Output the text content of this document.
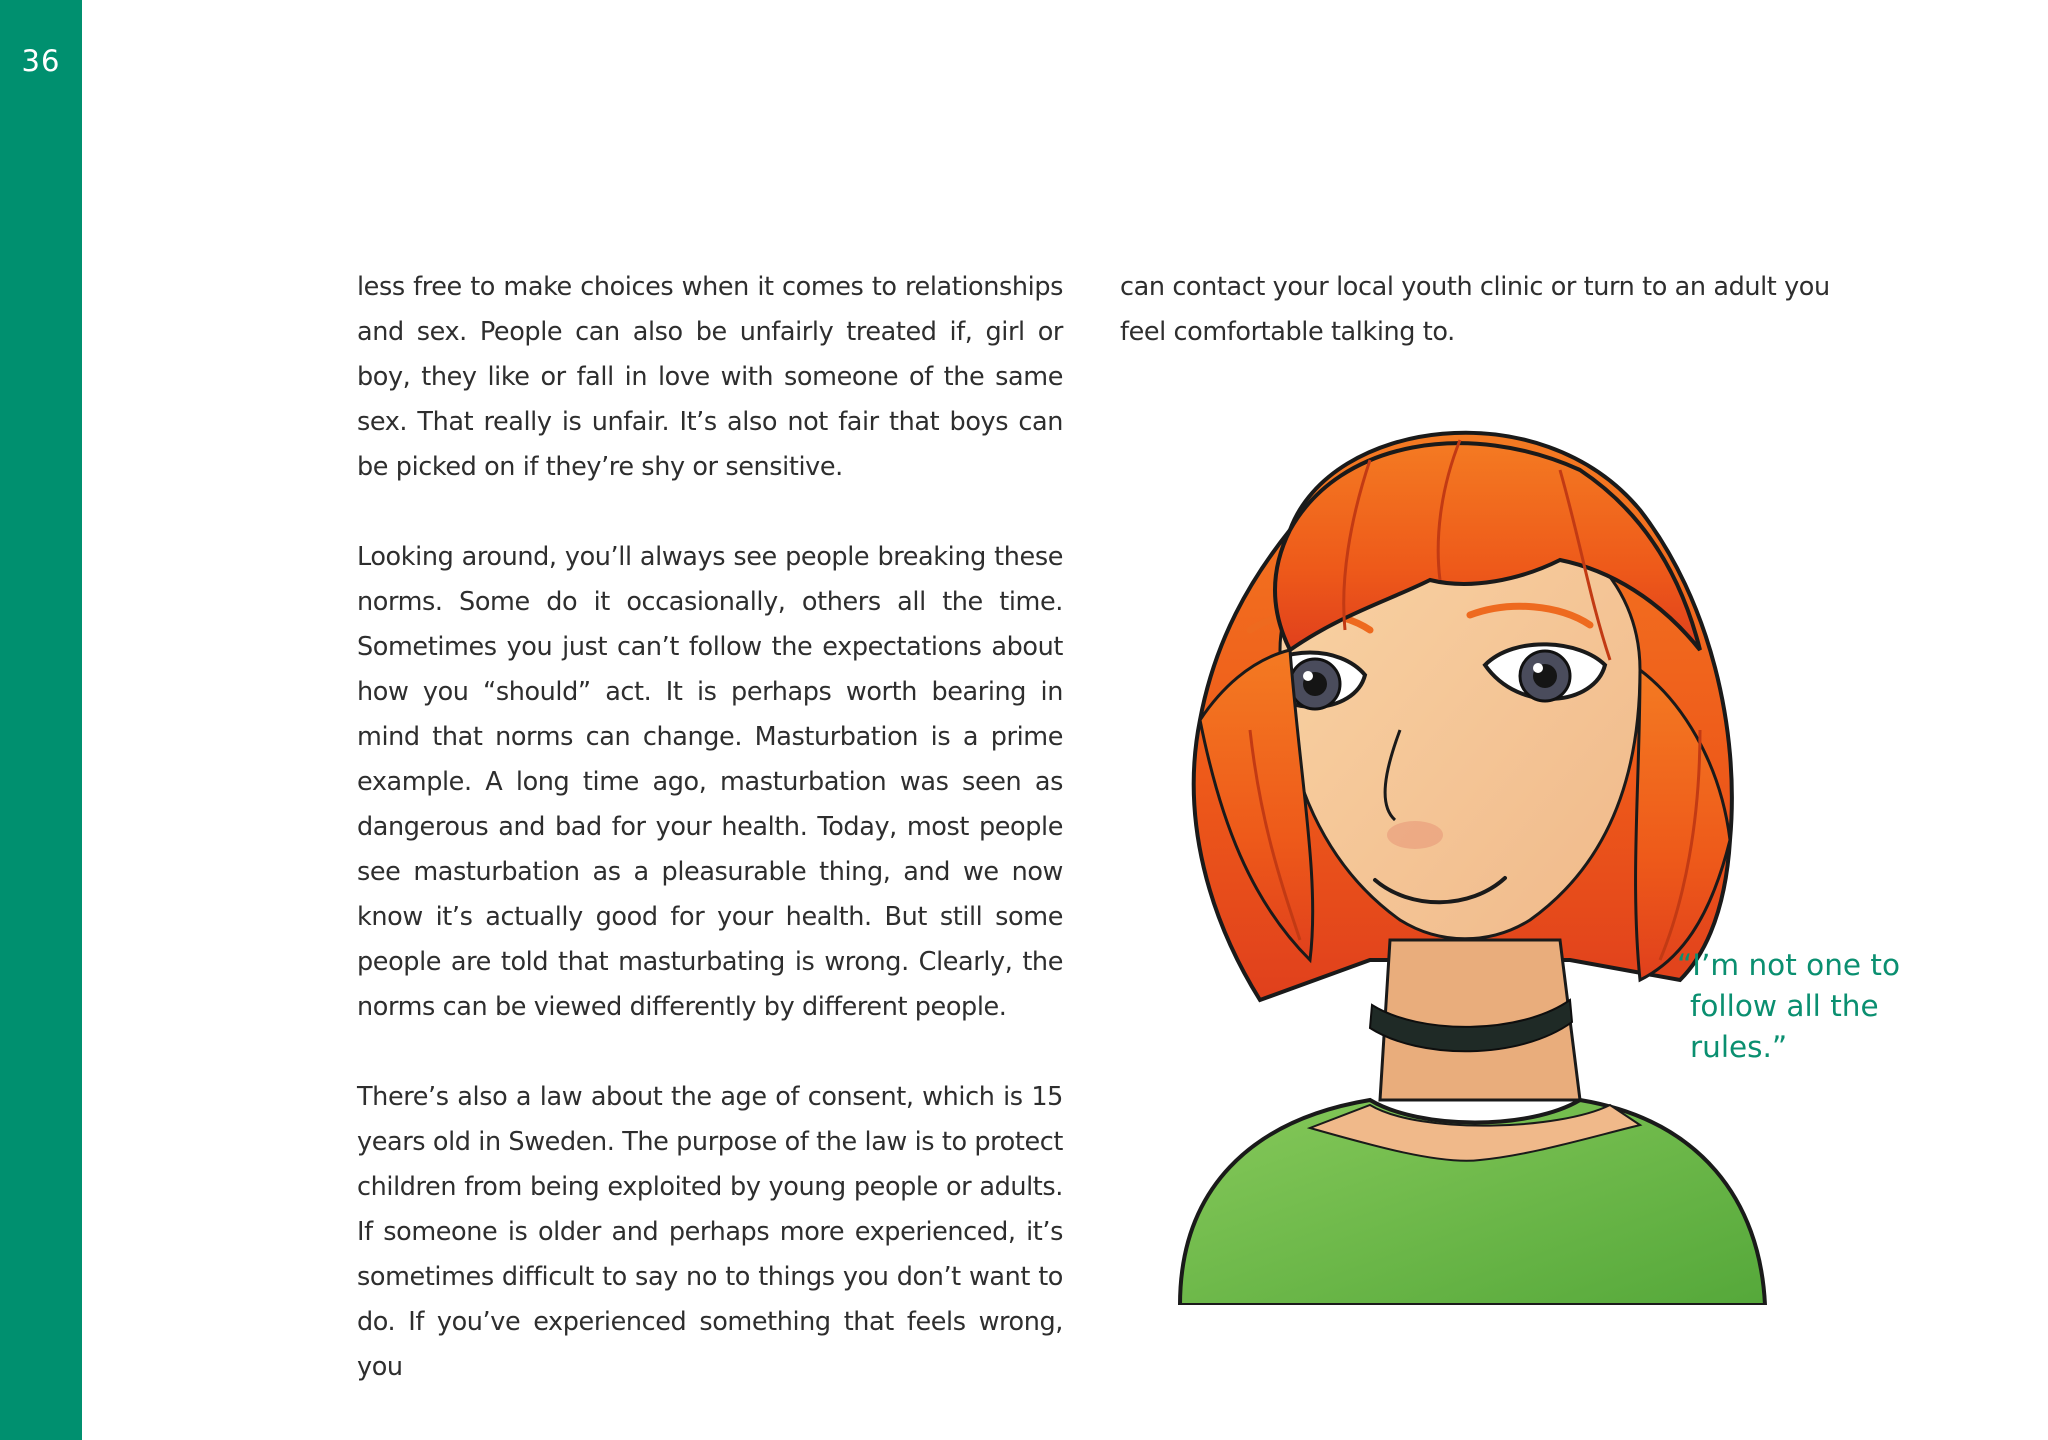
36

less free to make choices when it comes to relationships and sex. People can also be unfairly treated if, girl or boy, they like or fall in love with someone of the same sex. That really is unfair. It’s also not fair that boys can be picked on if they’re shy or sensitive.

Looking around, you’ll always see people breaking these norms. Some do it occasionally, others all the time. Sometimes you just can’t follow the expectations about how you “should” act. It is perhaps worth bearing in mind that norms can change. Masturbation is a prime example. A long time ago, masturbation was seen as dangerous and bad for your health. Today, most people see masturbation as a pleasurable thing, and we now know it’s actually good for your health. But still some people are told that masturbating is wrong. Clearly, the norms can be viewed differently by different people.

There’s also a law about the age of consent, which is 15 years old in Sweden. The purpose of the law is to protect children from being exploited by young people or adults. If someone is older and perhaps more experienced, it’s sometimes difficult to say no to things you don’t want to do. If you’ve experienced something that feels wrong, you

can contact your local youth clinic or turn to an adult you feel comfortable talking to.

“I’m not one to
follow all the
rules.”
